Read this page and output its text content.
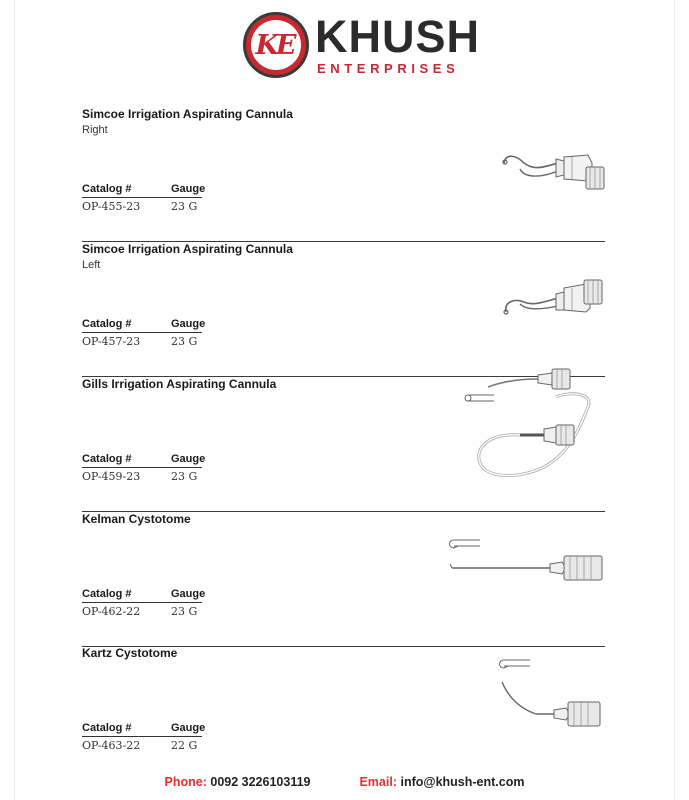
KE KHUSH
ENTERPRISES
Simcoe Irrigation Aspirating Cannula
Right
Catalog #	Gauge
OP-455-23	23 G
Simcoe Irrigation Aspirating Cannula
Left
Catalog #	Gauge
OP-457-23	23 G
Gills Irrigation Aspirating Cannula
Catalog #	Gauge
OP-459-23	23 G
Kelman Cystotome
Catalog #	Gauge
OP-462-22	23 G
Kartz Cystotome
Catalog #	Gauge
OP-463-22	22 G
Phone: 0092 3226103119	Email: info@khush-ent.com
